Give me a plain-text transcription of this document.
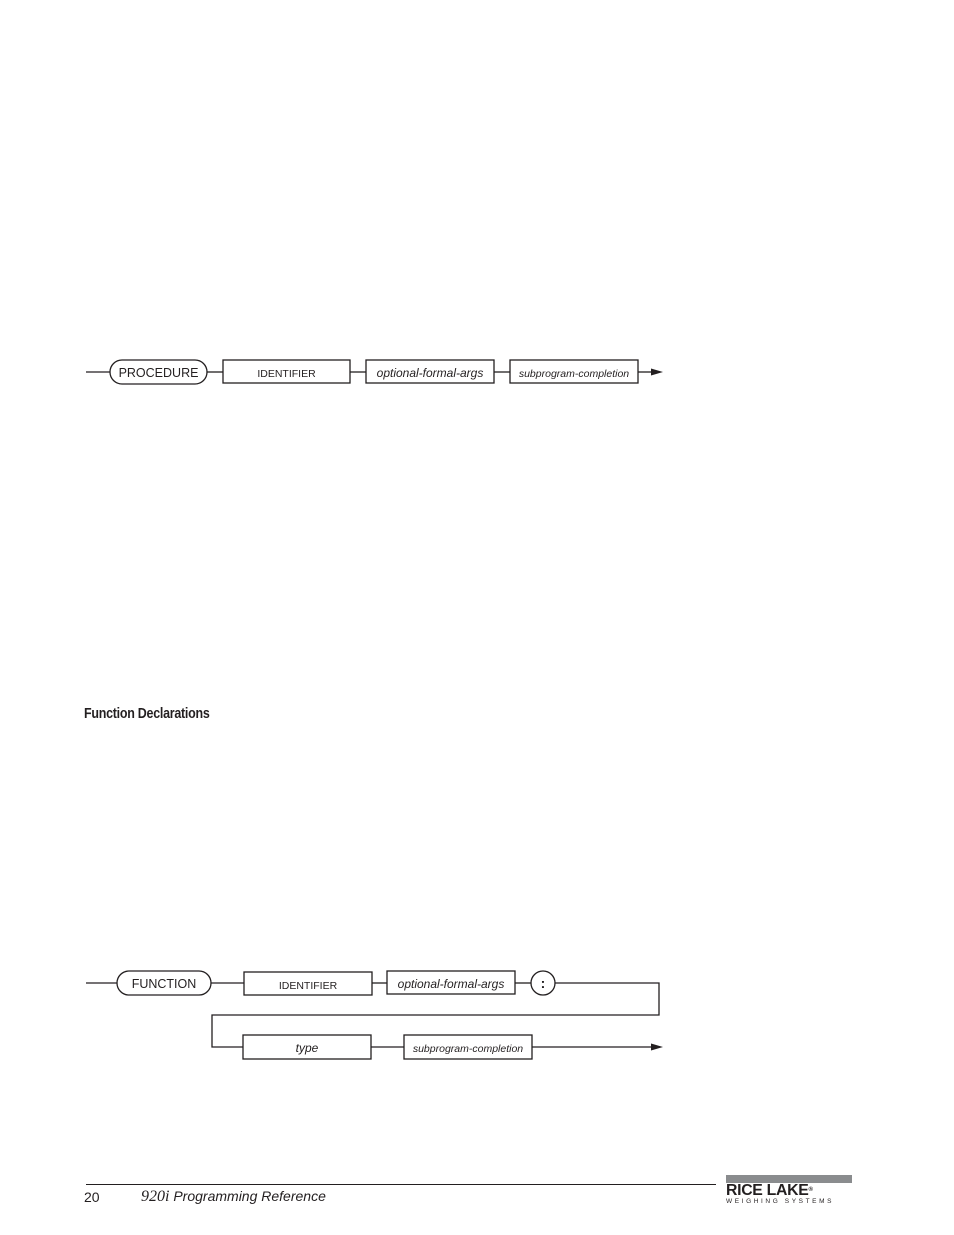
PROCEDURE	IDENTIFIER	optional-formal-args	subprogram-completion
Function Declarations
FUNCTION	IDENTIFIER	optional-formal-args	:
type	subprogram-completion
20	920i Programming Reference	RICE LAKE®
WEIGHING SYSTEMS
